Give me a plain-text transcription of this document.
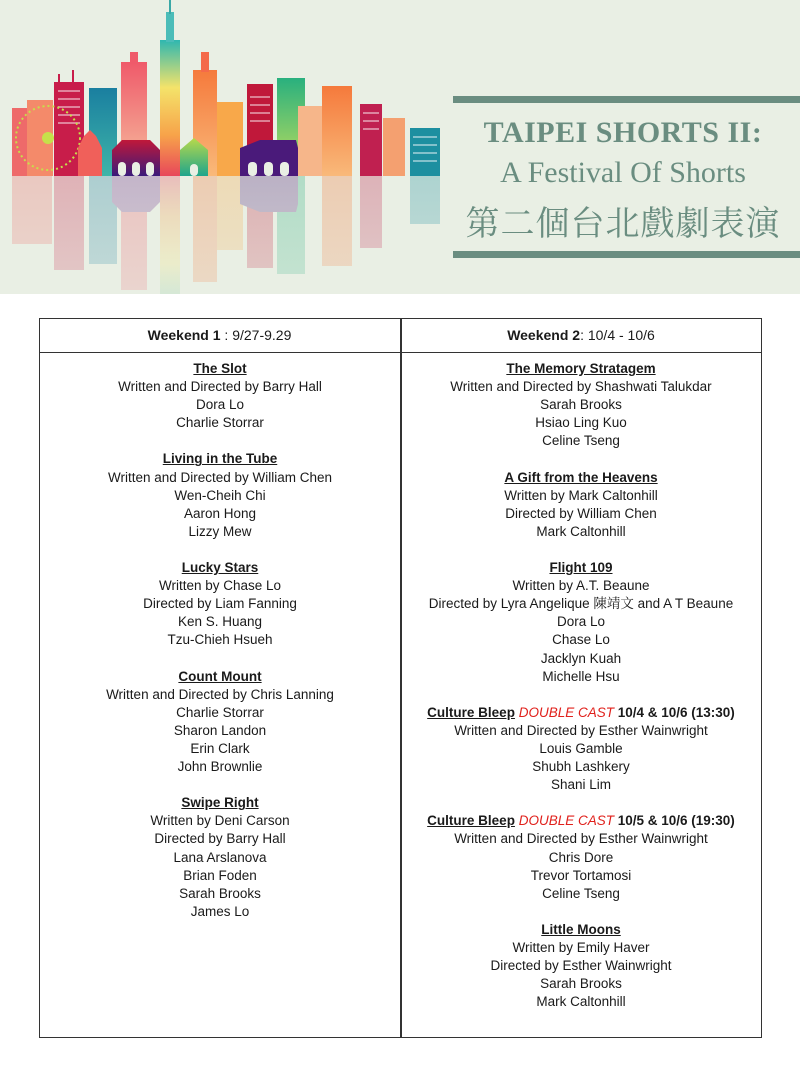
TAIPEI SHORTS II:
A Festival Of Shorts
第二個台北戲劇表演
Weekend 1 : 9/27-9.29	Weekend 2: 10/4 - 10/6
The Slot
Written and Directed by Barry Hall
Dora Lo
Charlie Storrar
Living in the Tube
Written and Directed by William Chen
Wen-Cheih Chi
Aaron Hong
Lizzy Mew
Lucky Stars
Written by Chase Lo
Directed by Liam Fanning
Ken S. Huang
Tzu-Chieh Hsueh
Count Mount
Written and Directed by Chris Lanning
Charlie Storrar
Sharon Landon
Erin Clark
John Brownlie
Swipe Right
Written by Deni Carson
Directed by Barry Hall
Lana Arslanova
Brian Foden
Sarah Brooks
James Lo
The Memory Stratagem
Written and Directed by Shashwati Talukdar
Sarah Brooks
Hsiao Ling Kuo
Celine Tseng
A Gift from the Heavens
Written by Mark Caltonhill
Directed by William Chen
Mark Caltonhill
Flight 109
Written by A.T. Beaune
Directed by Lyra Angelique 陳靖文 and A T Beaune
Dora Lo
Chase Lo
Jacklyn Kuah
Michelle Hsu
Culture Bleep DOUBLE CAST 10/4 & 10/6 (13:30)
Written and Directed by Esther Wainwright
Louis Gamble
Shubh Lashkery
Shani Lim
Culture Bleep DOUBLE CAST 10/5 & 10/6 (19:30)
Written and Directed by Esther Wainwright
Chris Dore
Trevor Tortamosi
Celine Tseng
Little Moons
Written by Emily Haver
Directed by Esther Wainwright
Sarah Brooks
Mark Caltonhill
